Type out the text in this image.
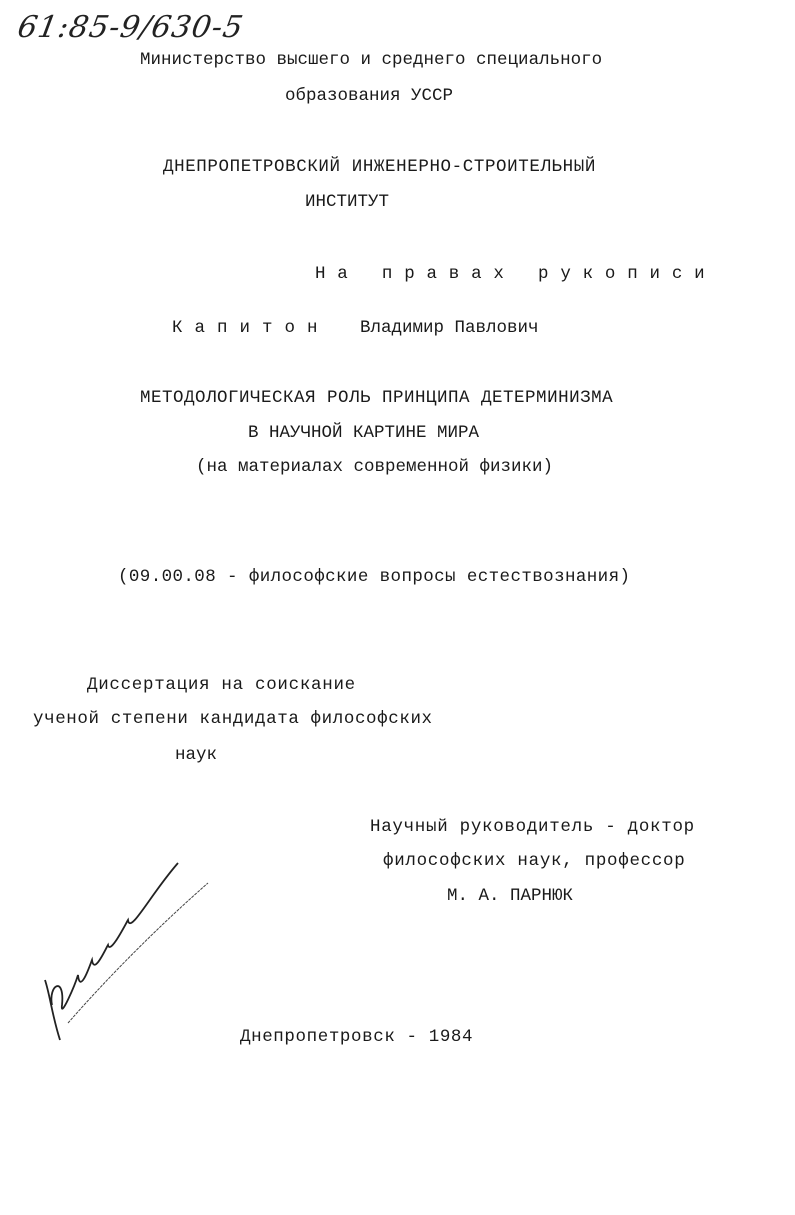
61:85-9/630-5
Министерство высшего и среднего специального
образования УССР
ДНЕПРОПЕТРОВСКИЙ ИНЖЕНЕРНО-СТРОИТЕЛЬНЫЙ
ИНСТИТУТ
На правах рукописи
Капитон Владимир Павлович
МЕТОДОЛОГИЧЕСКАЯ РОЛЬ ПРИНЦИПА ДЕТЕРМИНИЗМА
В НАУЧНОЙ КАРТИНЕ МИРА
(на материалах современной физики)
(09.00.08 - философские вопросы естествознания)
Диссертация на соискание
ученой степени кандидата философских
наук
Научный руководитель - доктор
философских наук, профессор
М. А. ПАРНЮК
Днепропетровск - 1984
